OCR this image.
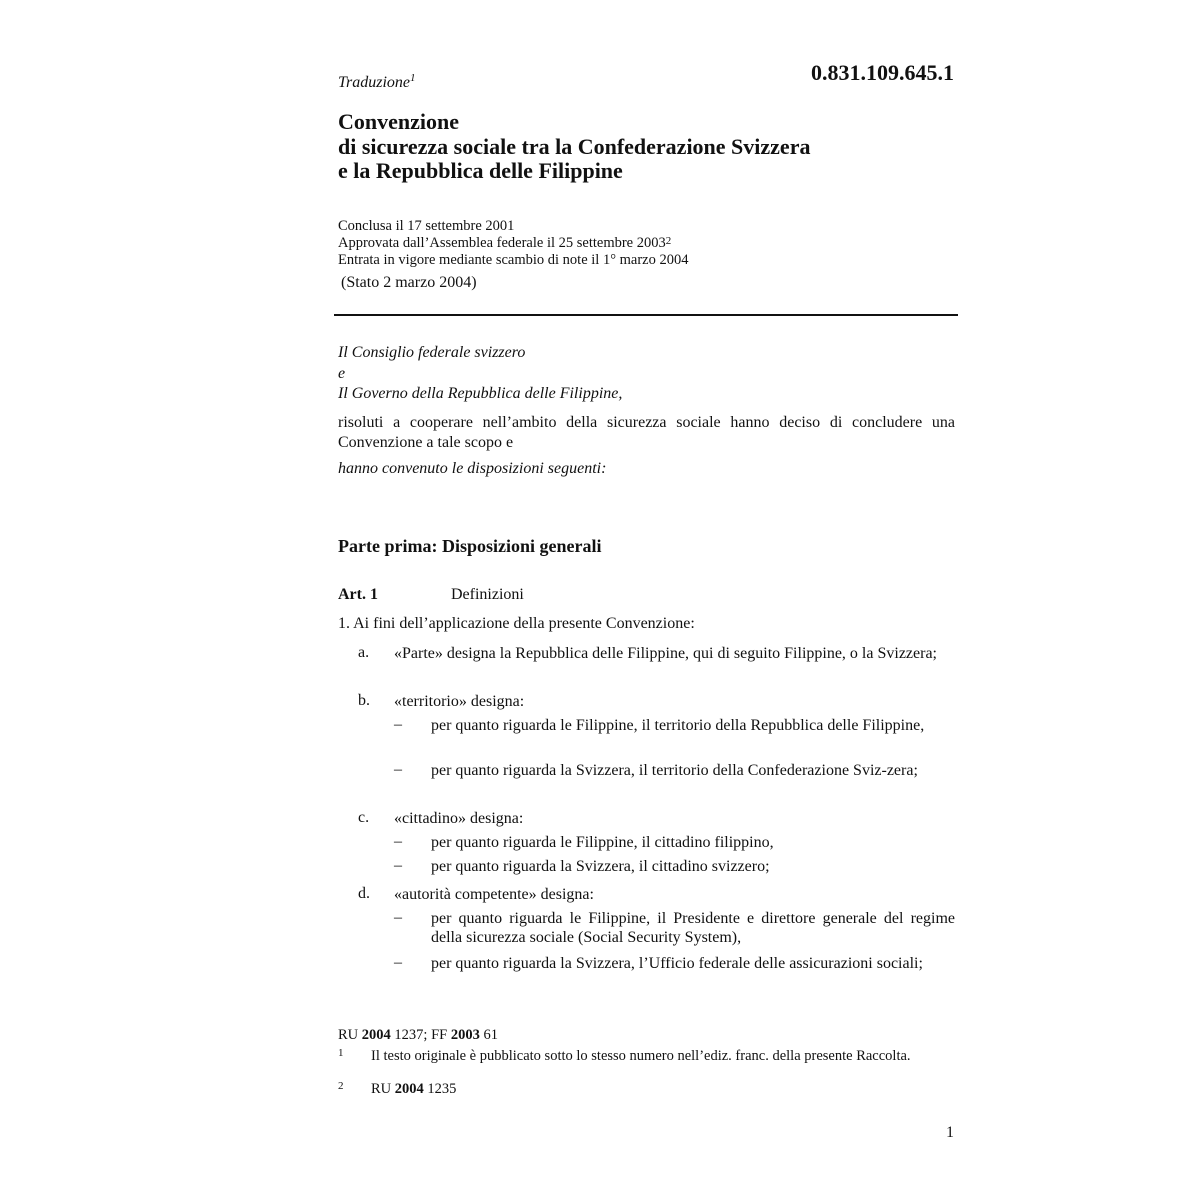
0.831.109.645.1
Traduzione$^1$
Convenzione
di sicurezza sociale tra la Confederazione Svizzera
e la Repubblica delle Filippine
Conclusa il 17 settembre 2001
Approvata dall’Assemblea federale il 25 settembre 2003$^2$
Entrata in vigore mediante scambio di note il 1° marzo 2004
(Stato 2 marzo 2004)
Il Consiglio federale svizzero
e
Il Governo della Repubblica delle Filippine,
risoluti a cooperare nell’ambito della sicurezza sociale hanno deciso di concludere una Convenzione a tale scopo e
hanno convenuto le disposizioni seguenti:
Parte prima: Disposizioni generali
Art. 1	Definizioni
1. Ai fini dell’applicazione della presente Convenzione:
a. «Parte» designa la Repubblica delle Filippine, qui di seguito Filippine, o la Svizzera;
b. «territorio» designa:
– per quanto riguarda le Filippine, il territorio della Repubblica delle Filippine,
– per quanto riguarda la Svizzera, il territorio della Confederazione Sviz-zera;
c. «cittadino» designa:
– per quanto riguarda le Filippine, il cittadino filippino,
– per quanto riguarda la Svizzera, il cittadino svizzero;
d. «autorità competente» designa:
– per quanto riguarda le Filippine, il Presidente e direttore generale del regime della sicurezza sociale (Social Security System),
– per quanto riguarda la Svizzera, l’Ufficio federale delle assicurazioni sociali;
RU 2004 1237; FF 2003 61
1 Il testo originale è pubblicato sotto lo stesso numero nell’ediz. franc. della presente Raccolta.
2 RU 2004 1235
1
